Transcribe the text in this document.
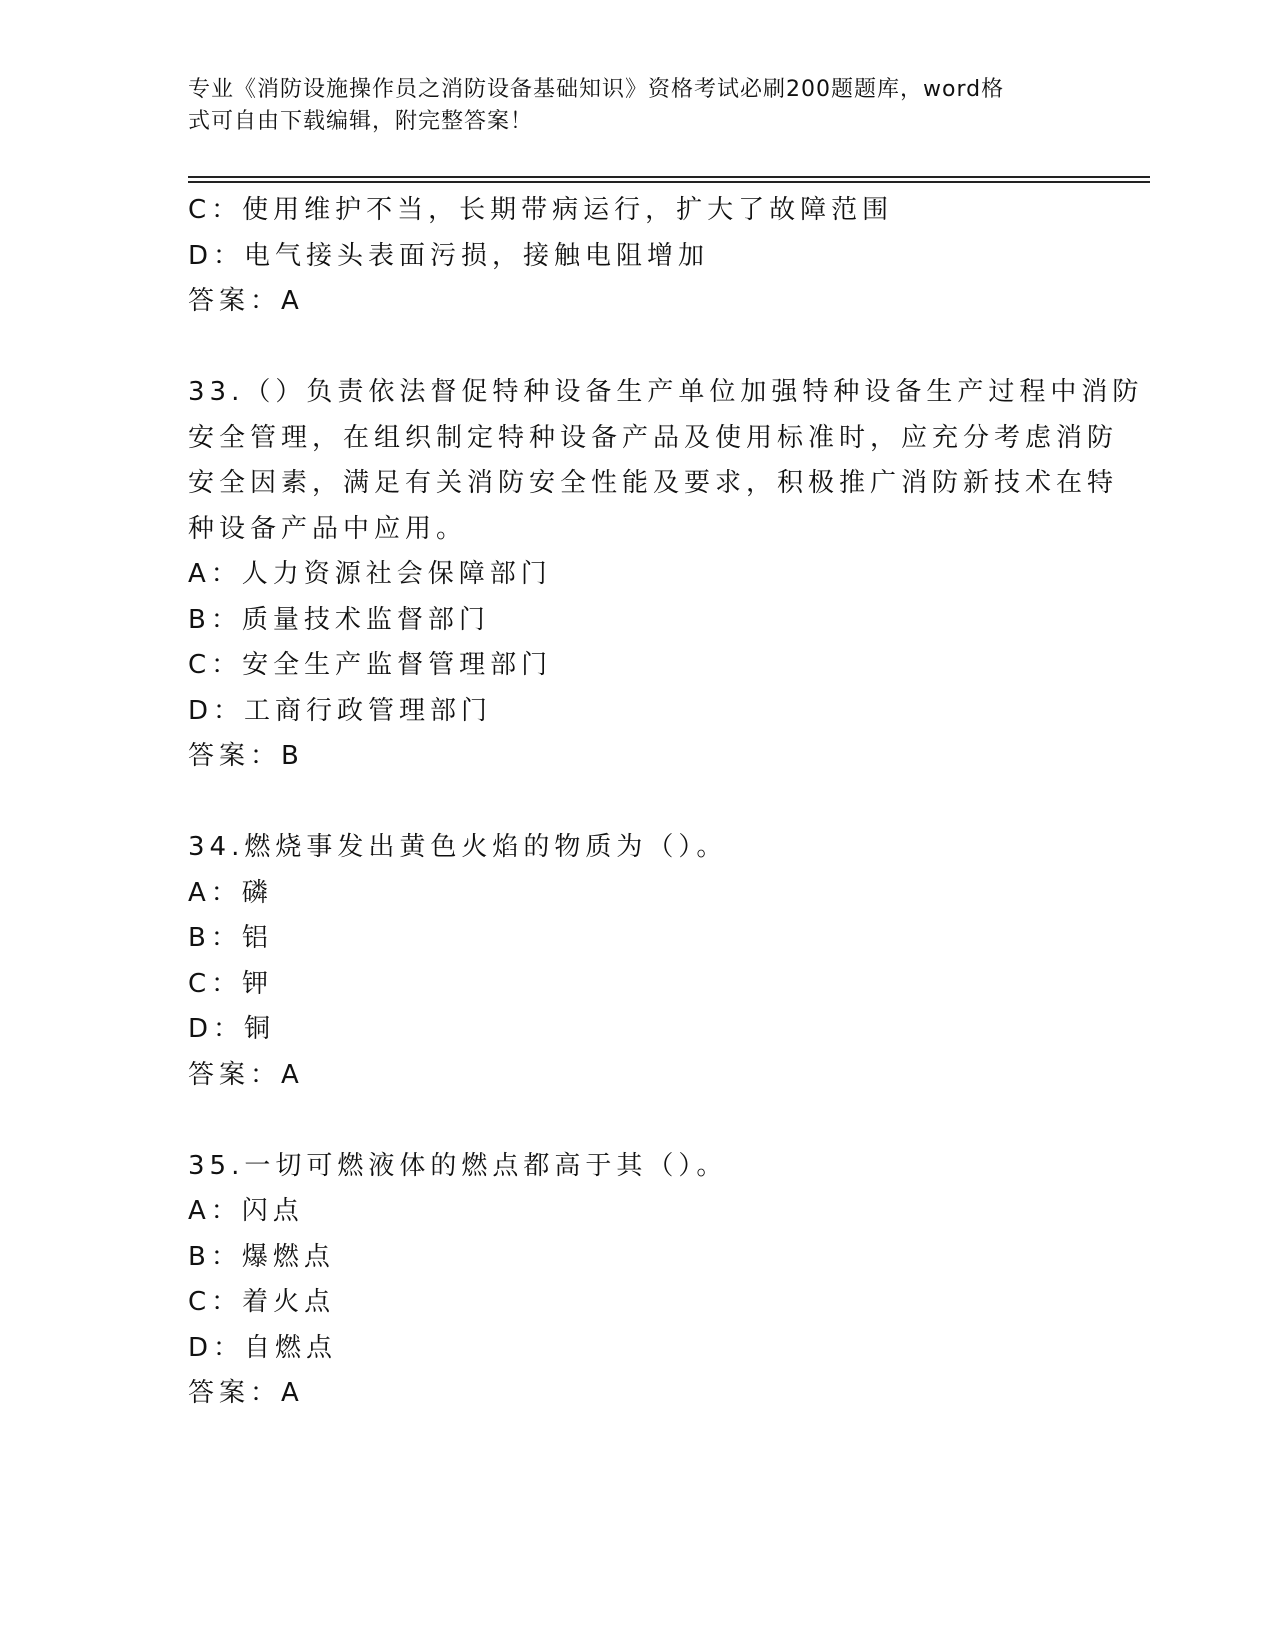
专业《消防设施操作员之消防设备基础知识》资格考试必刷200题题库，word格
式可自由下载编辑，附完整答案！
C：使用维护不当，长期带病运行，扩大了故障范围
D：电气接头表面污损，接触电阻增加
答案：A
33.（）负责依法督促特种设备生产单位加强特种设备生产过程中消防
安全管理，在组织制定特种设备产品及使用标准时，应充分考虑消防
安全因素，满足有关消防安全性能及要求，积极推广消防新技术在特
种设备产品中应用。
A：人力资源社会保障部门
B：质量技术监督部门
C：安全生产监督管理部门
D：工商行政管理部门
答案：B
34.燃烧事发出黄色火焰的物质为（）。
A：磷
B：铝
C：钾
D：铜
答案：A
35.一切可燃液体的燃点都高于其（）。
A：闪点
B：爆燃点
C：着火点
D：自燃点
答案：A
